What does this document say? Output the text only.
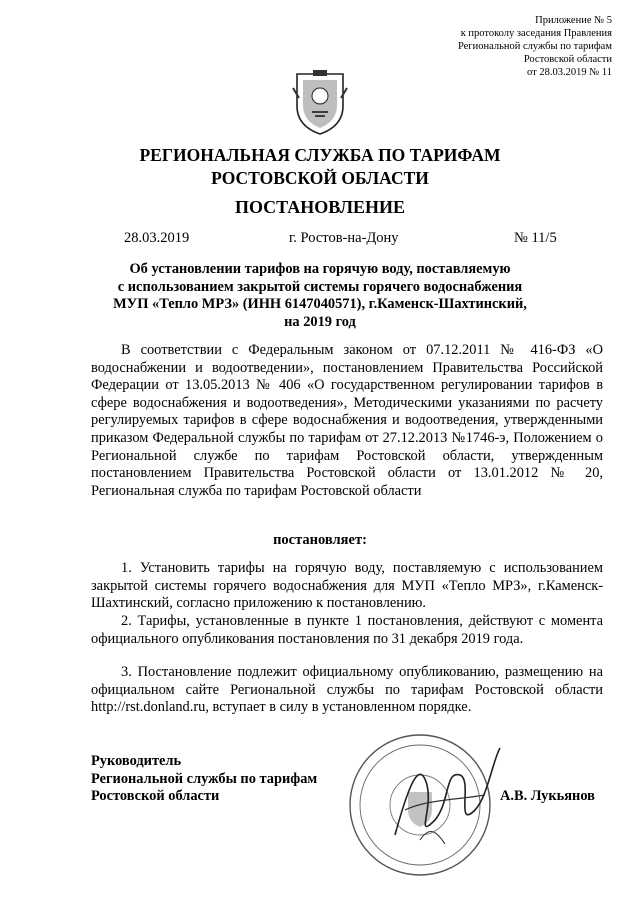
Приложение № 5
к протоколу заседания Правления
Региональной службы по тарифам
Ростовской области
от 28.03.2019 № 11
РЕГИОНАЛЬНАЯ СЛУЖБА ПО ТАРИФАМ
РОСТОВСКОЙ ОБЛАСТИ
ПОСТАНОВЛЕНИЕ
28.03.2019	г. Ростов-на-Дону	№ 11/5
Об установлении тарифов на горячую воду, поставляемую
с использованием закрытой системы горячего водоснабжения
МУП «Тепло МРЗ» (ИНН 6147040571), г.Каменск-Шахтинский,
на 2019 год
В соответствии с Федеральным законом от 07.12.2011 № 416-ФЗ «О водоснабжении и водоотведении», постановлением Правительства Российской Федерации от 13.05.2013 № 406 «О государственном регулировании тарифов в сфере водоснабжения и водоотведения», Методическими указаниями по расчету регулируемых тарифов в сфере водоснабжения и водоотведения, утвержденными приказом Федеральной службы по тарифам от 27.12.2013 №1746-э, Положением о Региональной службе по тарифам Ростовской области, утвержденным постановлением Правительства Ростовской области от 13.01.2012 № 20, Региональная служба по тарифам Ростовской области
постановляет:
1. Установить тарифы на горячую воду, поставляемую с использованием закрытой системы горячего водоснабжения для МУП «Тепло МРЗ», г.Каменск-Шахтинский, согласно приложению к постановлению.
2. Тарифы, установленные в пункте 1 постановления, действуют с момента официального опубликования постановления по 31 декабря 2019 года.
3. Постановление подлежит официальному опубликованию, размещению на официальном сайте Региональной службы по тарифам Ростовской области http://rst.donland.ru, вступает в силу в установленном порядке.
Руководитель
Региональной службы по тарифам
Ростовской области	А.В. Лукьянов
